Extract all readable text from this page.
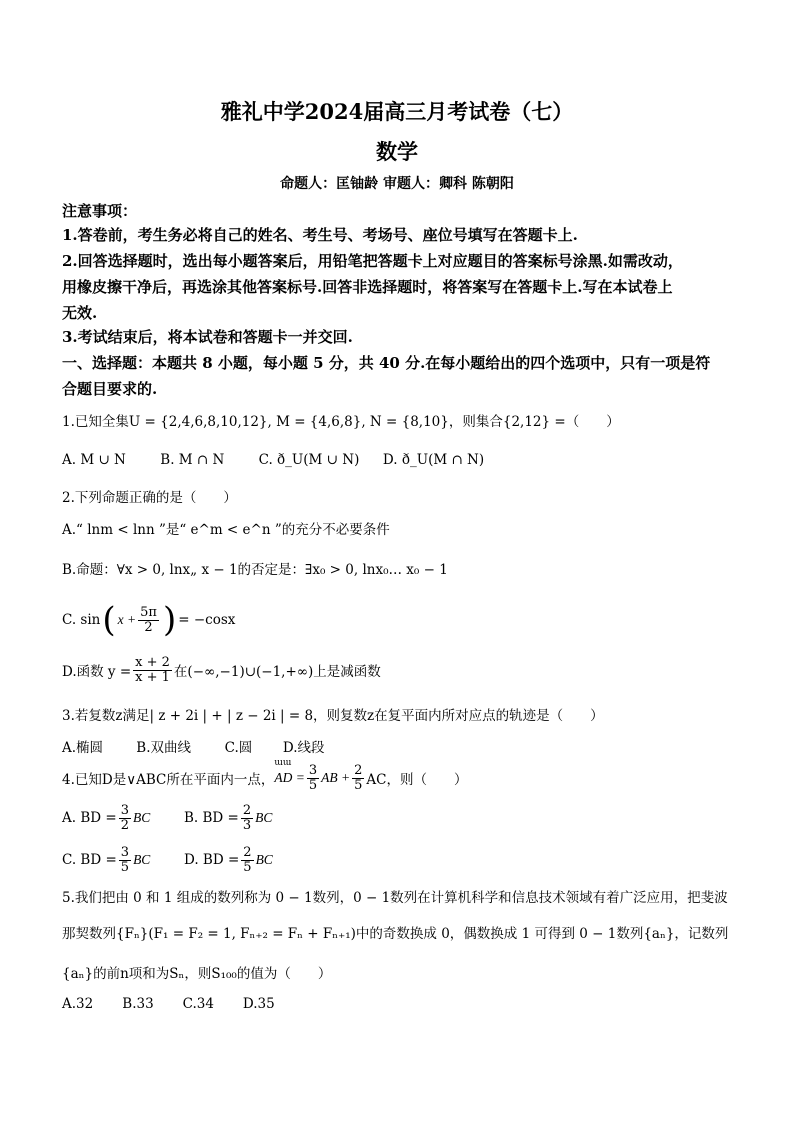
雅礼中学2024届高三月考试卷（七）
数学
命题人：匡铀龄 审题人：卿科 陈朝阳
注意事项：
1.答卷前，考生务必将自己的姓名、考生号、考场号、座位号填写在答题卡上.
2.回答选择题时，选出每小题答案后，用铅笔把答题卡上对应题目的答案标号涂黑.如需改动，
用橡皮擦干净后，再选涂其他答案标号.回答非选择题时，将答案写在答题卡上.写在本试卷上
无效.
3.考试结束后，将本试卷和答题卡一并交回.
一、选择题：本题共 8 小题，每小题 5 分，共 40 分.在每小题给出的四个选项中，只有一项是符
合题目要求的.
1.已知全集U = {2,4,6,8,10,12}, M = {4,6,8}, N = {8,10}，则集合{2,12} =（　　）
A. M ∪ N	B. M ∩ N	C. ð_U(M ∪ N) D. ð_U(M ∩ N)
2.下列命题正确的是（　　）
A.“ lnm < lnn ”是“ e^m < e^n ”的充分不必要条件
B.命题：∀x > 0, lnx„ x − 1的否定是：∃x₀ > 0, lnx₀… x₀ − 1
C. sin ( $x + \frac{5\pi}{2}$ ) = −cosx
D.函数 $y = \frac{x + 2}{x + 1}$ 在(−∞,−1)∪(−1,+∞)上是减函数
3.若复数z满足| z + 2i | + | z − 2i | = 8，则复数z在复平面内所对应点的轨迹是（　　）
A.椭圆 B.双曲线 C.圆 D.线段
4.已知D是∨ABC所在平面内一点，
ɯɯ
AD = $\frac{3}{5}$ AB + $\frac{2}{5}$ AC，则（　　）
A. BD = $\frac{3}{2}$ BC	B. BD = $\frac{2}{3}$ BC
C. BD = $\frac{3}{5}$ BC D. BD = $\frac{2}{5}$ BC
5.我们把由 0 和 1 组成的数列称为 0 − 1数列，0 − 1数列在计算机科学和信息技术领域有着广泛应用，把斐波
那契数列{Fₙ}(F₁ = F₂ = 1, Fₙ₊₂ = Fₙ + Fₙ₊₁)中的奇数换成 0，偶数换成 1 可得到 0 − 1数列{aₙ}，记数列
{aₙ}的前n项和为Sₙ，则S₁₀₀的值为（　　）
A.32 B.33 C.34 D.35
